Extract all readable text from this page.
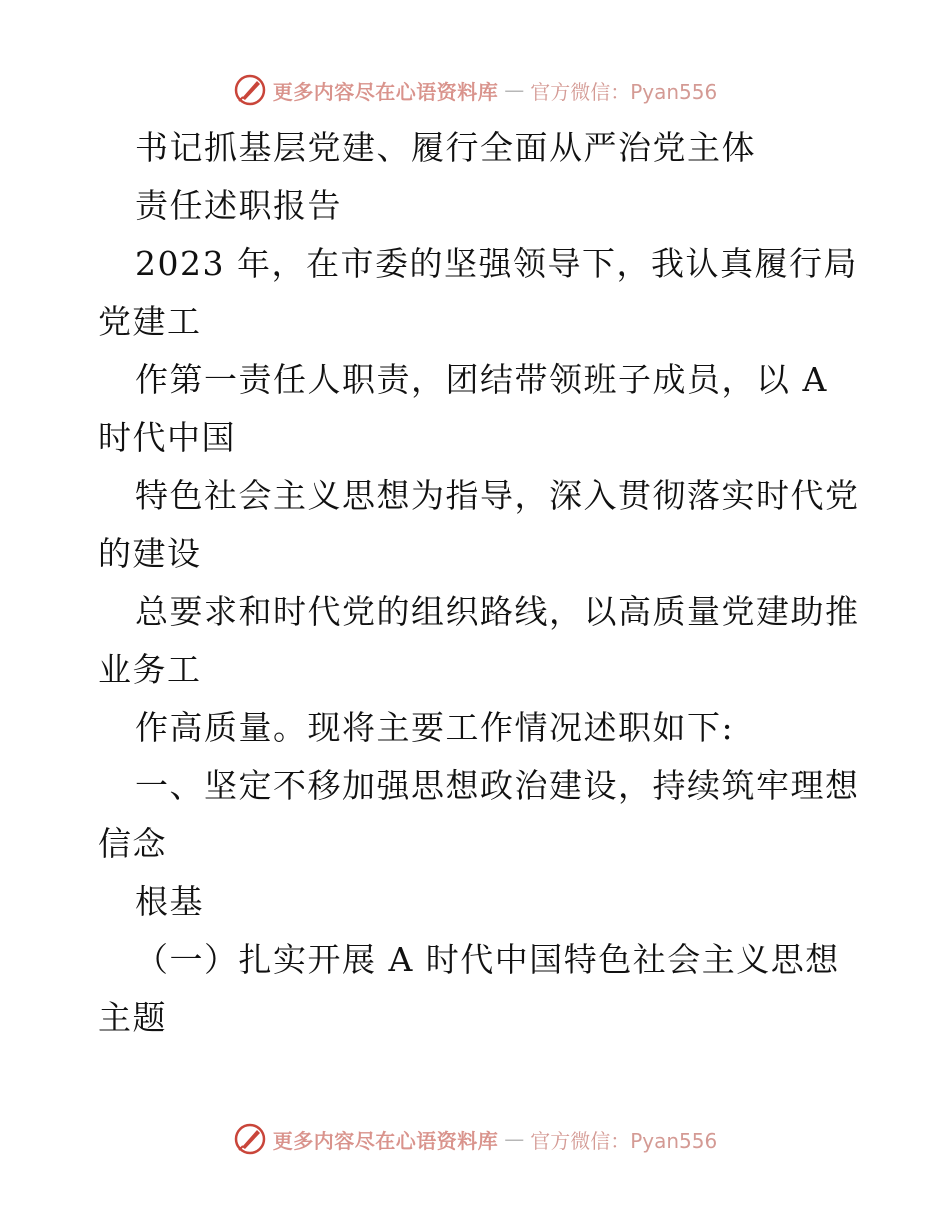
更多内容尽在心语资料库 — 官方微信：Pyan556
书记抓基层党建、履行全面从严治党主体
责任述职报告
2023 年，在市委的坚强领导下，我认真履行局
党建工
作第一责任人职责，团结带领班子成员，以 A
时代中国
特色社会主义思想为指导，深入贯彻落实时代党
的建设
总要求和时代党的组织路线，以高质量党建助推
业务工
作高质量。现将主要工作情况述职如下:
一、坚定不移加强思想政治建设，持续筑牢理想
信念
根基
（一）扎实开展 A 时代中国特色社会主义思想
主题
更多内容尽在心语资料库 — 官方微信：Pyan556
